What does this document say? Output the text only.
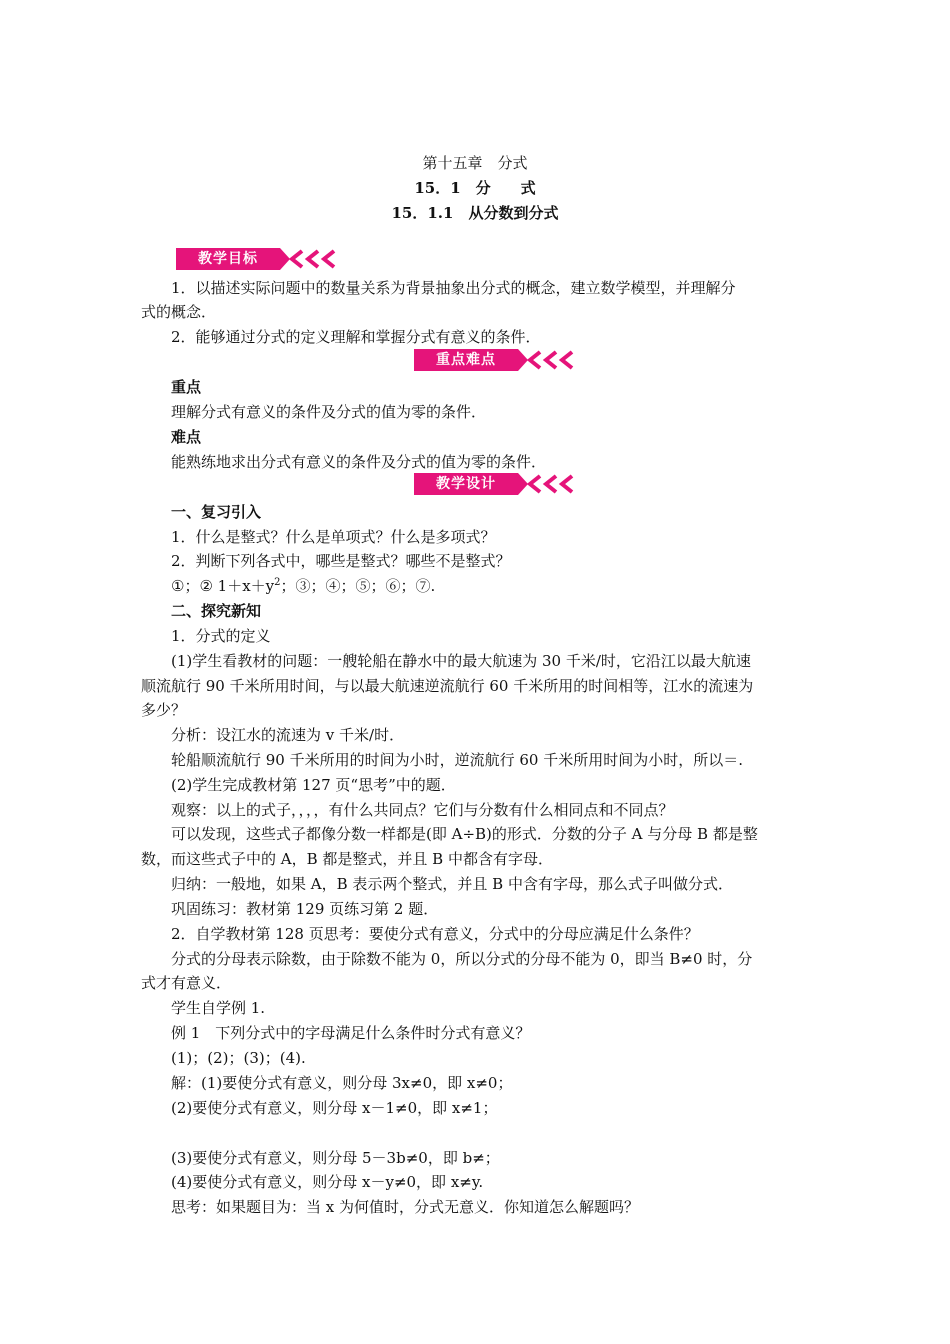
第十五章　分式
15．1　分　　式
15．1.1　从分数到分式
教学目标
1．以描述实际问题中的数量关系为背景抽象出分式的概念，建立数学模型，并理解分
式的概念．
2．能够通过分式的定义理解和掌握分式有意义的条件．
重点难点
重点
理解分式有意义的条件及分式的值为零的条件．
难点
能熟练地求出分式有意义的条件及分式的值为零的条件．
教学设计
一、复习引入
1．什么是整式？什么是单项式？什么是多项式？
2．判断下列各式中，哪些是整式？哪些不是整式？
①；② $1+x+y^2$；③；④；⑤；⑥；⑦.
二、探究新知
1．分式的定义
(1)学生看教材的问题：一艘轮船在静水中的最大航速为 30 千米/时，它沿江以最大航速
顺流航行 90 千米所用时间，与以最大航速逆流航行 60 千米所用的时间相等，江水的流速为
多少？
分析：设江水的流速为 v 千米/时．
轮船顺流航行 90 千米所用的时间为小时，逆流航行 60 千米所用时间为小时，所以＝.
(2)学生完成教材第 127 页“思考”中的题．
观察：以上的式子，，，，有什么共同点？它们与分数有什么相同点和不同点？
可以发现，这些式子都像分数一样都是(即 A÷B)的形式．分数的分子 A 与分母 B 都是整
数，而这些式子中的 A，B 都是整式，并且 B 中都含有字母．
归纳：一般地，如果 A，B 表示两个整式，并且 B 中含有字母，那么式子叫做分式．
巩固练习：教材第 129 页练习第 2 题．
2．自学教材第 128 页思考：要使分式有意义，分式中的分母应满足什么条件？
分式的分母表示除数，由于除数不能为 0，所以分式的分母不能为 0，即当 B≠0 时，分
式才有意义．
学生自学例 1.
例 1　下列分式中的字母满足什么条件时分式有意义？
(1)；(2)；(3)；(4).
解：(1)要使分式有意义，则分母 3x≠0，即 x≠0；
(2)要使分式有意义，则分母 x－1≠0，即 x≠1；
(3)要使分式有意义，则分母 5－3b≠0，即 b≠；
(4)要使分式有意义，则分母 x－y≠0，即 x≠y.
思考：如果题目为：当 x 为何值时，分式无意义．你知道怎么解题吗？
